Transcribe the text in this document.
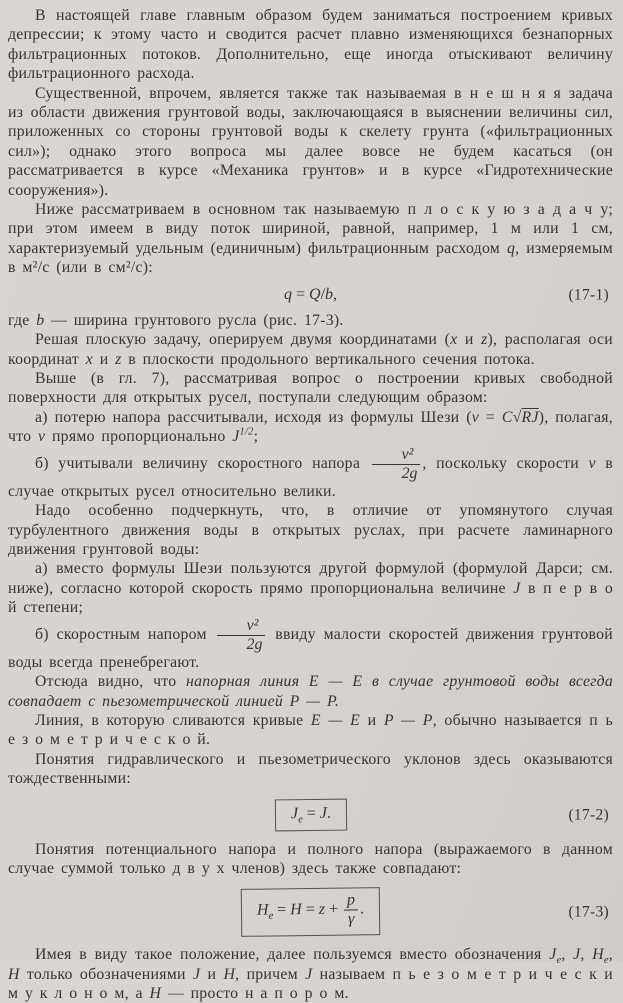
В настоящей главе главным образом будем заниматься построением кривых депрессии; к этому часто и сводится расчет плавно изменяющихся безнапорных фильтрационных потоков. Дополнительно, еще иногда отыскивают величину фильтрационного расхода.

Существенной, впрочем, является также так называемая в н е ш н я я задача из области движения грунтовой воды, заключающаяся в выяснении величины сил, приложенных со стороны грунтовой воды к скелету грунта («фильтрационных сил»); однако этого вопроса мы далее вовсе не будем касаться (он рассматривается в курсе «Механика грунтов» и в курсе «Гидротехнические сооружения»).

Ниже рассматриваем в основном так называемую п л о с к у ю з а д а ч у; при этом имеем в виду поток шириной, равной, например, 1 м или 1 см, характеризуемый удельным (единичным) фильтрационным расходом q, измеряемым в м²/с (или в см²/с):

q = Q/b,	(17-1)

где b — ширина грунтового русла (рис. 17-3).

Решая плоскую задачу, оперируем двумя координатами (x и z), располагая оси координат x и z в плоскости продольного вертикального сечения потока.

Выше (в гл. 7), рассматривая вопрос о построении кривых свободной поверхности для открытых русел, поступали следующим образом:

а) потерю напора рассчитывали, исходя из формулы Шези (v = C√RJ), полагая, что v прямо пропорционально $J^{1/2}$;

б) учитывали величину скоростного напора $\frac{\text{v²}}{2g}$ , поскольку скорости v в случае открытых русел относительно велики.

Надо особенно подчеркнуть, что, в отличие от упомянутого случая турбулентного движения воды в открытых руслах, при расчете ламинарного движения грунтовой воды:

а) вместо формулы Шези пользуются другой формулой (формулой Дарси; см. ниже), согласно которой скорость прямо пропорциональна величине J в п е р в о й степени;

б) скоростным напором $\frac{\text{v²}}{2g}$ ввиду малости скоростей движения грунтовой воды всегда пренебрегают.

Отсюда видно, что напорная линия E — E в случае грунтовой воды всегда совпадает с пьезометрической линией P — P.

Линия, в которую сливаются кривые E — E и P — P, обычно называется п ь е з о м е т р и ч е с к о й.

Понятия гидравлического и пьезометрического уклонов здесь оказываются тождественными:

$J_е = J$.	(17-2)

Понятия потенциального напора и полного напора (выражаемого в данном случае суммой только д в у х членов) здесь также совпадают:

$H_е = H = z + \frac{p}{\gamma}$ .	(17-3)

Имея в виду такое положение, далее пользуемся вместо обозначения $J_е$, J, $H_е$, H только обозначениями J и H, причем J называем п ь е з о м е т р и ч е с к и м у к л о н о м, а H — просто н а п о р о м.
